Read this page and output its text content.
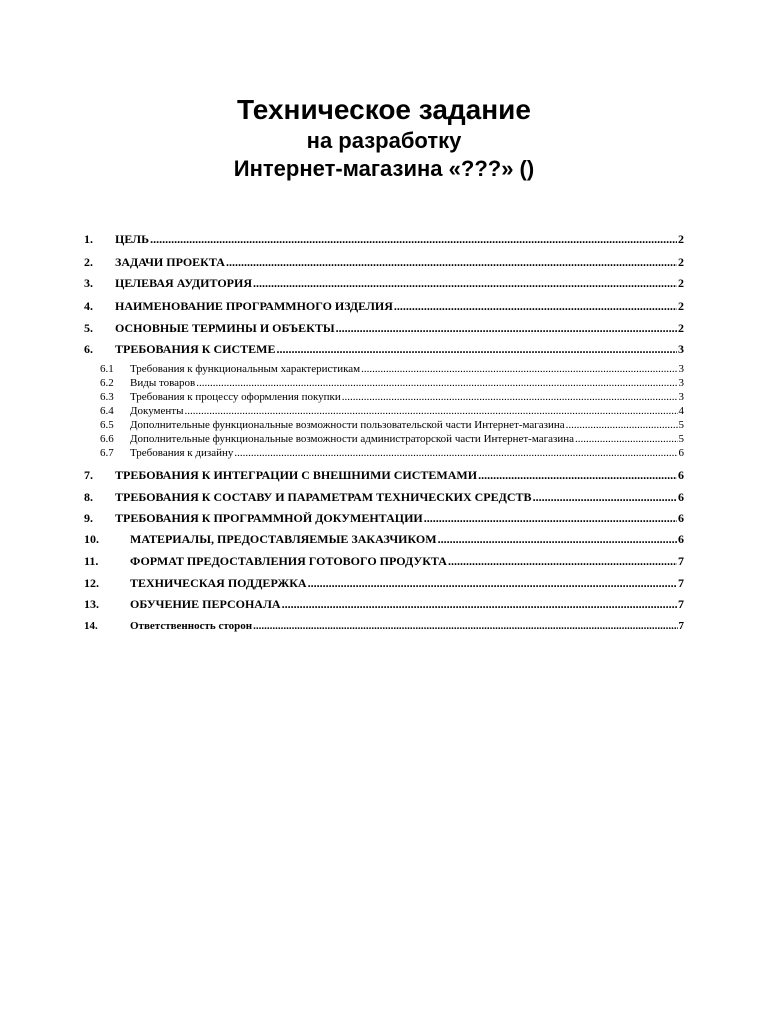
Техническое задание
на разработку
Интернет-магазина «???» ()
1.	ЦЕЛЬ .....	2
2.	ЗАДАЧИ ПРОЕКТА .....	2
3.	ЦЕЛЕВАЯ АУДИТОРИЯ .....	2
4.	НАИМЕНОВАНИЕ ПРОГРАММНОГО ИЗДЕЛИЯ .....	2
5.	ОСНОВНЫЕ ТЕРМИНЫ И ОБЪЕКТЫ .....	2
6.	ТРЕБОВАНИЯ К СИСТЕМЕ .....	3
6.1	Требования к функциональным характеристикам .....	3
6.2	Виды товаров .....	3
6.3	Требования к процессу оформления покупки .....	3
6.4	Документы .....	4
6.5	Дополнительные функциональные возможности пользовательской части Интернет-магазина .....	5
6.6	Дополнительные функциональные возможности администраторской части Интернет-магазина .....	5
6.7	Требования к дизайну .....	6
7.	ТРЕБОВАНИЯ К ИНТЕГРАЦИИ С ВНЕШНИМИ СИСТЕМАМИ .....	6
8.	ТРЕБОВАНИЯ К СОСТАВУ И ПАРАМЕТРАМ ТЕХНИЧЕСКИХ СРЕДСТВ .....	6
9.	ТРЕБОВАНИЯ К ПРОГРАММНОЙ ДОКУМЕНТАЦИИ .....	6
10.	МАТЕРИАЛЫ, ПРЕДОСТАВЛЯЕМЫЕ ЗАКАЗЧИКОМ .....	6
11.	ФОРМАТ ПРЕДОСТАВЛЕНИЯ ГОТОВОГО ПРОДУКТА .....	7
12.	ТЕХНИЧЕСКАЯ ПОДДЕРЖКА .....	7
13.	ОБУЧЕНИЕ ПЕРСОНАЛА .....	7
14.	Ответственность сторон .....	7
